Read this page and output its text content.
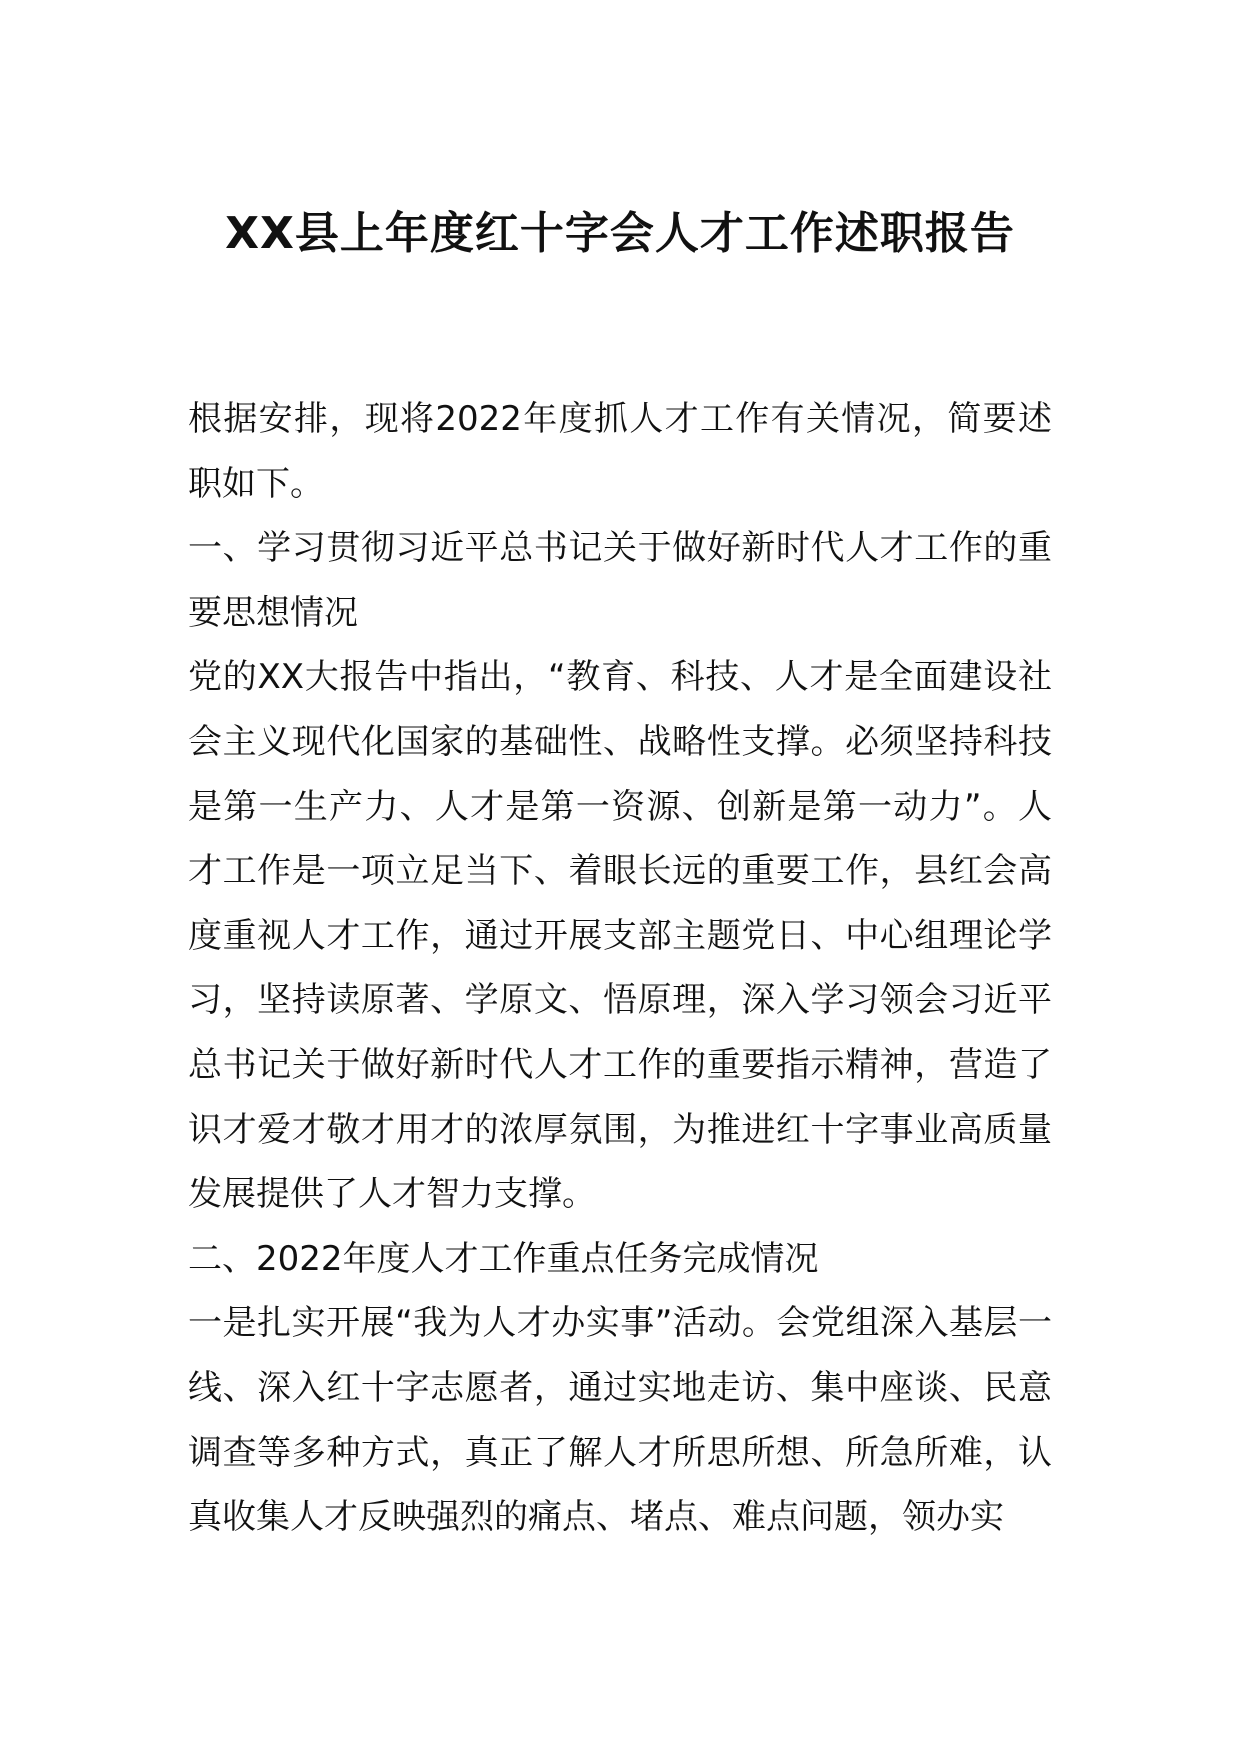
XX县上年度红十字会人才工作述职报告

根据安排，现将2022年度抓人才工作有关情况，简要述职如下。

一、学习贯彻习近平总书记关于做好新时代人才工作的重要思想情况

党的XX大报告中指出，“教育、科技、人才是全面建设社会主义现代化国家的基础性、战略性支撑。必须坚持科技是第一生产力、人才是第一资源、创新是第一动力”。人才工作是一项立足当下、着眼长远的重要工作，县红会高度重视人才工作，通过开展支部主题党日、中心组理论学习，坚持读原著、学原文、悟原理，深入学习领会习近平总书记关于做好新时代人才工作的重要指示精神，营造了识才爱才敬才用才的浓厚氛围，为推进红十字事业高质量发展提供了人才智力支撑。

二、2022年度人才工作重点任务完成情况

一是扎实开展“我为人才办实事”活动。会党组深入基层一线、深入红十字志愿者，通过实地走访、集中座谈、民意调查等多种方式，真正了解人才所思所想、所急所难，认真收集人才反映强烈的痛点、堵点、难点问题，领办实
